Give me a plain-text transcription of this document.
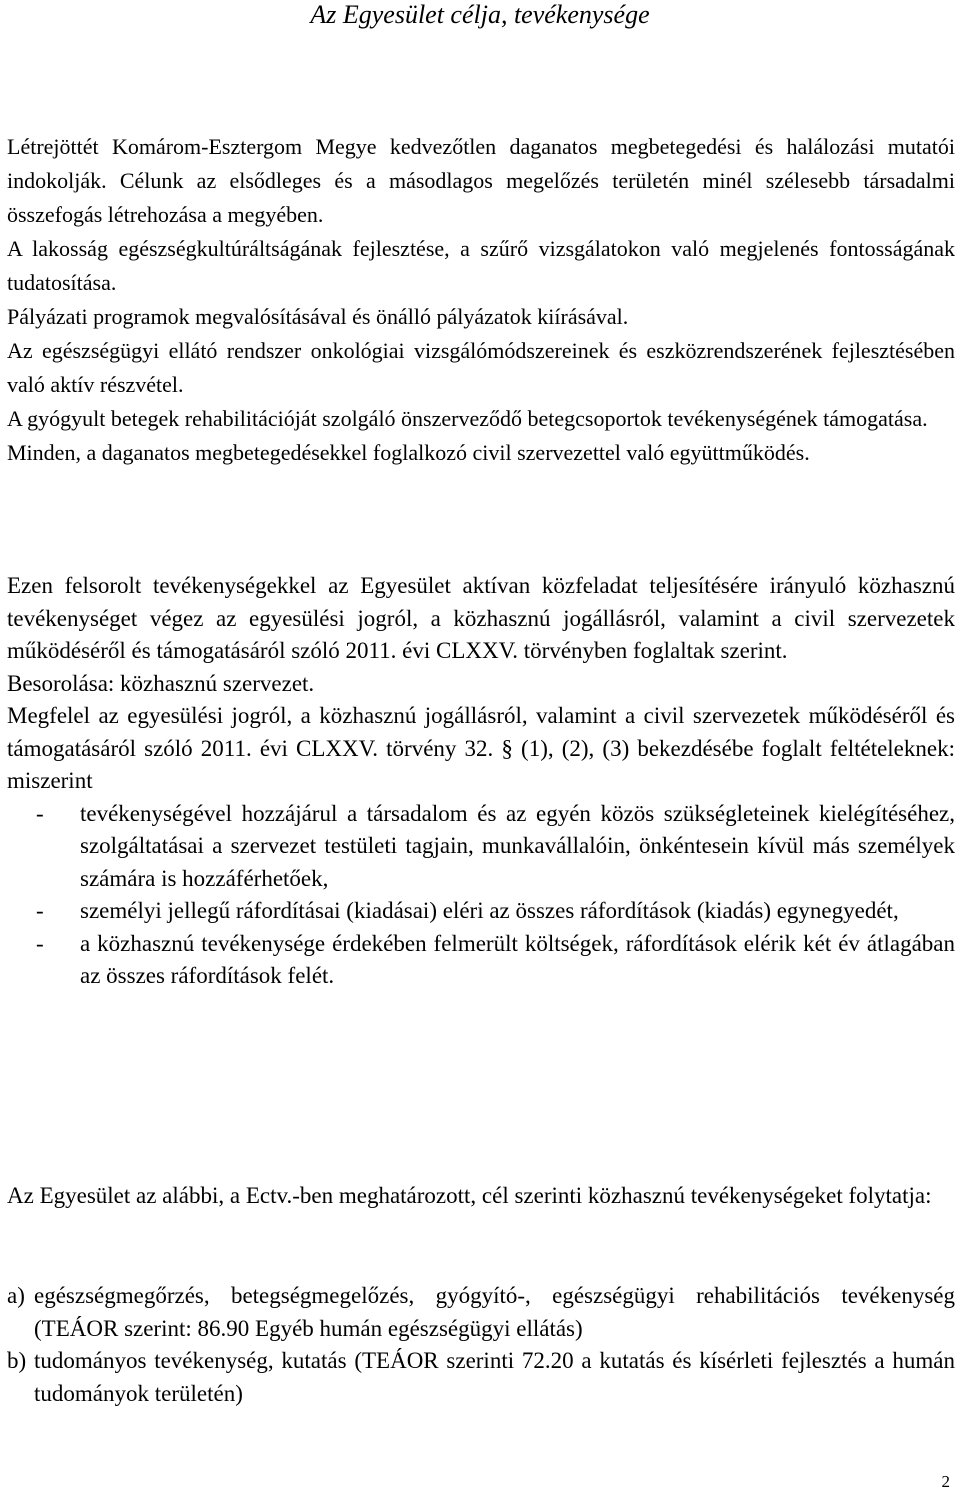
Az Egyesület célja, tevékenysége

Létrejöttét Komárom-Esztergom Megye kedvezőtlen daganatos megbetegedési és halálozási mutatói indokolják. Célunk az elsődleges és a másodlagos megelőzés területén minél szélesebb társadalmi összefogás létrehozása a megyében.

A lakosság egészségkultúráltságának fejlesztése, a szűrő vizsgálatokon való megjelenés fontosságának tudatosítása.

Pályázati programok megvalósításával és önálló pályázatok kiírásával.

Az egészségügyi ellátó rendszer onkológiai vizsgálómódszereinek és eszközrendszerének fejlesztésében való aktív részvétel.

A gyógyult betegek rehabilitációját szolgáló önszerveződő betegcsoportok tevékenységének támogatása.

Minden, a daganatos megbetegedésekkel foglalkozó civil szervezettel való együttműködés.

Ezen felsorolt tevékenységekkel az Egyesület aktívan közfeladat teljesítésére irányuló közhasznú tevékenységet végez az egyesülési jogról, a közhasznú jogállásról, valamint a civil szervezetek működéséről és támogatásáról szóló 2011. évi CLXXV. törvényben foglaltak szerint.

Besorolása: közhasznú szervezet.

Megfelel az egyesülési jogról, a közhasznú jogállásról, valamint a civil szervezetek működéséről és támogatásáról szóló 2011. évi CLXXV. törvény 32. § (1), (2), (3) bekezdésébe foglalt feltételeknek: miszerint

- tevékenységével hozzájárul a társadalom és az egyén közös szükségleteinek kielégítéséhez, szolgáltatásai a szervezet testületi tagjain, munkavállalóin, önkéntesein kívül más személyek számára is hozzáférhetőek,

- személyi jellegű ráfordításai (kiadásai) eléri az összes ráfordítások (kiadás) egynegyedét,

- a közhasznú tevékenysége érdekében felmerült költségek, ráfordítások elérik két év átlagában az összes ráfordítások felét.

Az Egyesület az alábbi, a Ectv.-ben meghatározott, cél szerinti közhasznú tevékenységeket folytatja:

a) egészségmegőrzés, betegségmegelőzés, gyógyító-, egészségügyi rehabilitációs tevékenység (TEÁOR szerint: 86.90 Egyéb humán egészségügyi ellátás)

b) tudományos tevékenység, kutatás (TEÁOR szerinti 72.20 a kutatás és kísérleti fejlesztés a humán tudományok területén)

2
